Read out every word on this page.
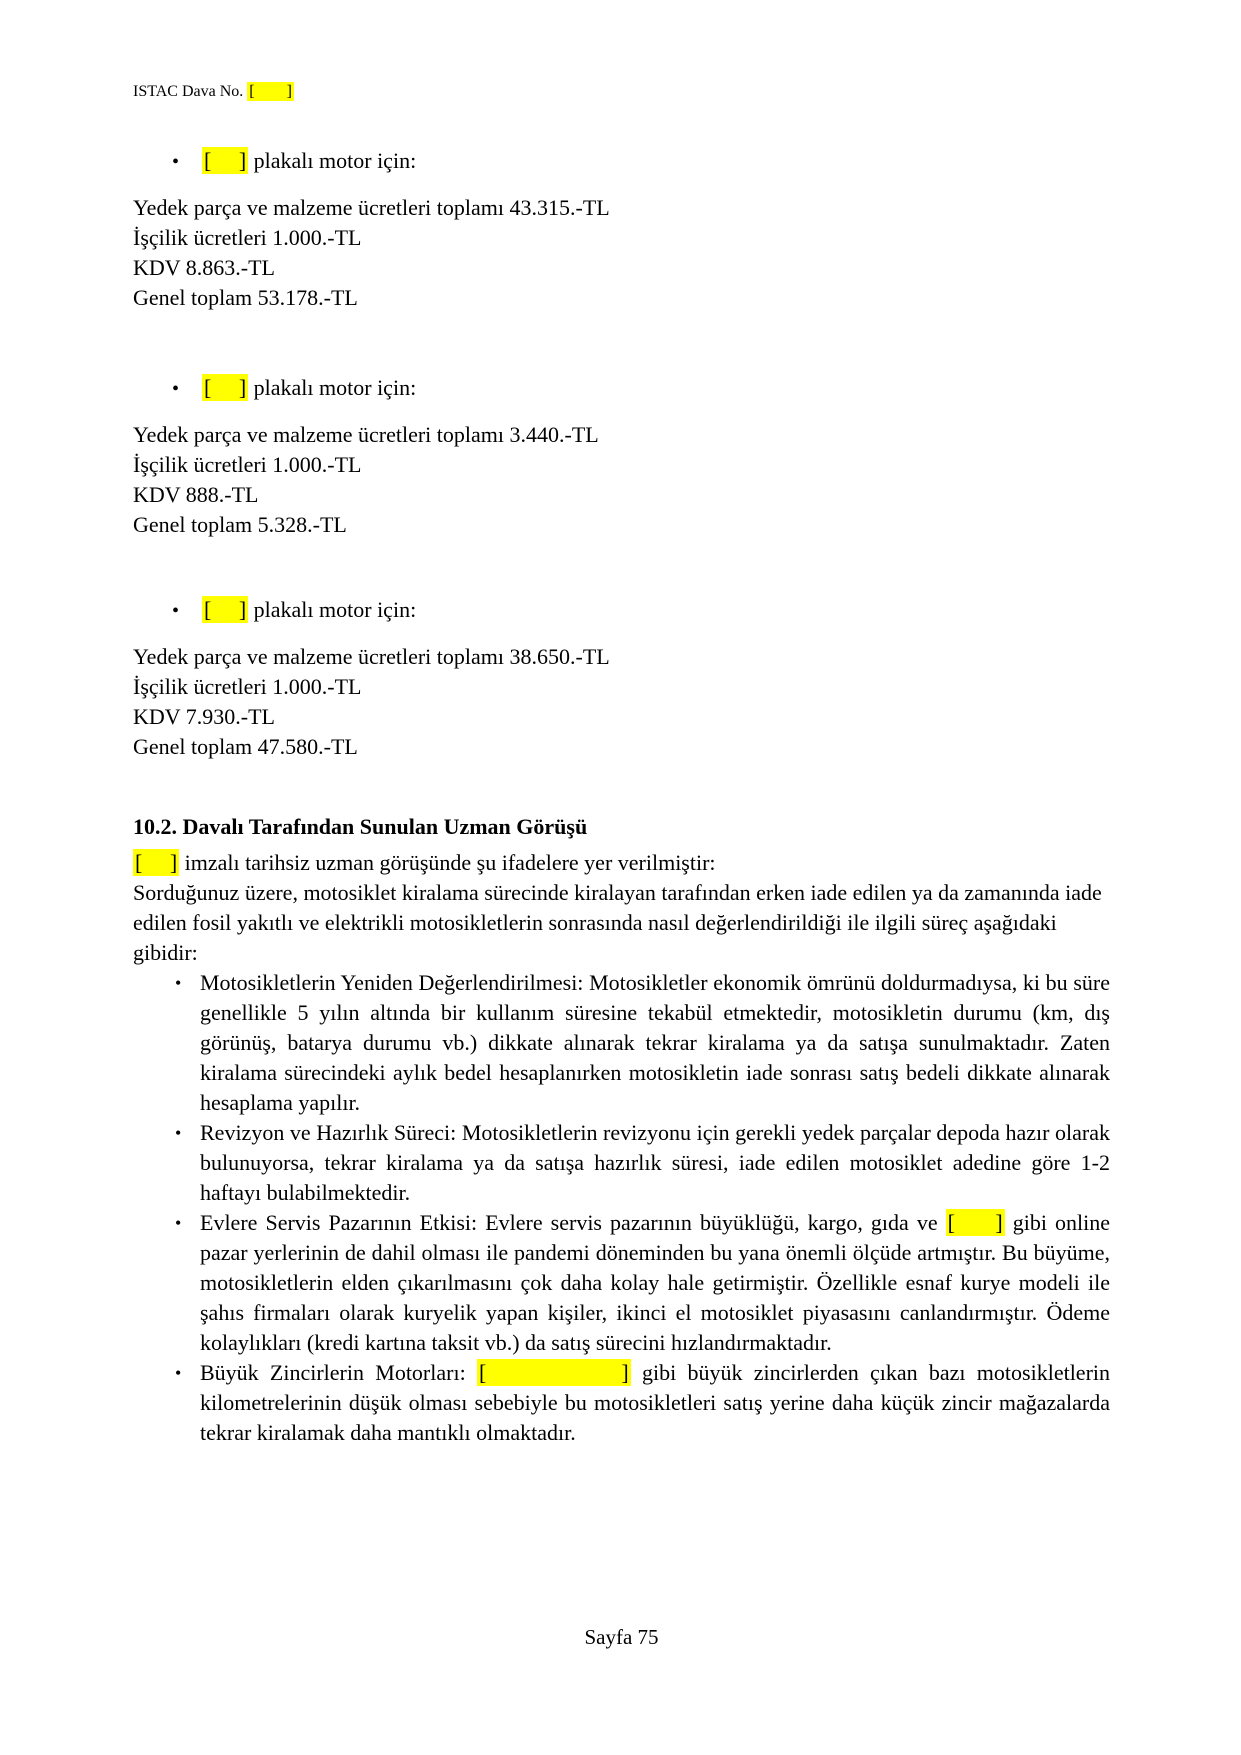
ISTAC Dava No. [        ]
• [     ] plakalı motor için:
Yedek parça ve malzeme ücretleri toplamı 43.315.-TL
İşçilik ücretleri 1.000.-TL
KDV 8.863.-TL
Genel toplam 53.178.-TL
• [     ] plakalı motor için:
Yedek parça ve malzeme ücretleri toplamı 3.440.-TL
İşçilik ücretleri 1.000.-TL
KDV 888.-TL
Genel toplam 5.328.-TL
• [     ] plakalı motor için:
Yedek parça ve malzeme ücretleri toplamı 38.650.-TL
İşçilik ücretleri 1.000.-TL
KDV 7.930.-TL
Genel toplam 47.580.-TL
10.2. Davalı Tarafından Sunulan Uzman Görüşü
[     ] imzalı tarihsiz uzman görüşünde şu ifadelere yer verilmiştir:
Sorduğunuz üzere, motosiklet kiralama sürecinde kiralayan tarafından erken iade edilen ya da zamanında iade edilen fosil yakıtlı ve elektrikli motosikletlerin sonrasında nasıl değerlendirildiği ile ilgili süreç aşağıdaki gibidir:
• Motosikletlerin Yeniden Değerlendirilmesi: Motosikletler ekonomik ömrünü doldurmadıysa, ki bu süre genellikle 5 yılın altında bir kullanım süresine tekabül etmektedir, motosikletin durumu (km, dış görünüş, batarya durumu vb.) dikkate alınarak tekrar kiralama ya da satışa sunulmaktadır. Zaten kiralama sürecindeki aylık bedel hesaplanırken motosikletin iade sonrası satış bedeli dikkate alınarak hesaplama yapılır.
• Revizyon ve Hazırlık Süreci: Motosikletlerin revizyonu için gerekli yedek parçalar depoda hazır olarak bulunuyorsa, tekrar kiralama ya da satışa hazırlık süresi, iade edilen motosiklet adedine göre 1-2 haftayı bulabilmektedir.
• Evlere Servis Pazarının Etkisi: Evlere servis pazarının büyüklüğü, kargo, gıda ve [     ] gibi online pazar yerlerinin de dahil olması ile pandemi döneminden bu yana önemli ölçüde artmıştır. Bu büyüme, motosikletlerin elden çıkarılmasını çok daha kolay hale getirmiştir. Özellikle esnaf kurye modeli ile şahıs firmaları olarak kuryelik yapan kişiler, ikinci el motosiklet piyasasını canlandırmıştır. Ödeme kolaylıkları (kredi kartına taksit vb.) da satış sürecini hızlandırmaktadır.
• Büyük Zincirlerin Motorları: [            ] gibi büyük zincirlerden çıkan bazı motosikletlerin kilometrelerinin düşük olması sebebiyle bu motosikletleri satış yerine daha küçük zincir mağazalarda tekrar kiralamak daha mantıklı olmaktadır.
Sayfa 75
